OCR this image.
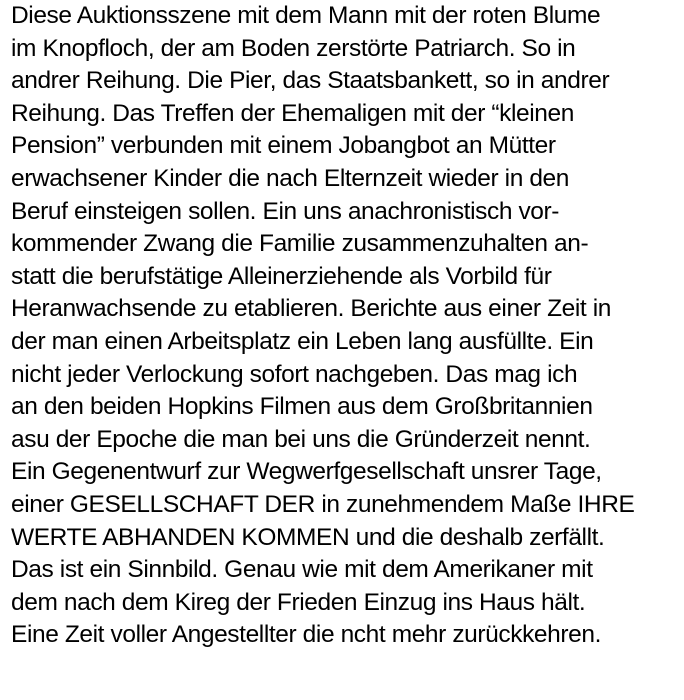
Diese Auktionsszene mit dem Mann mit der roten Blume
im Knopfloch, der am Boden zerstörte Patriarch. So in
andrer Reihung. Die Pier, das Staatsbankett, so in andrer
Reihung. Das Treffen der Ehemaligen mit der “kleinen
Pension” verbunden mit einem Jobangbot an Mütter
erwachsener Kinder die nach Elternzeit wieder in den
Beruf einsteigen sollen. Ein uns anachronistisch vor-
kommender Zwang die Familie zusammenzuhalten an-
statt die berufstätige Alleinerziehende als Vorbild für
Heranwachsende zu etablieren. Berichte aus einer Zeit in
der man einen Arbeitsplatz ein Leben lang ausfüllte. Ein
nicht jeder Verlockung sofort nachgeben. Das mag ich
an den beiden Hopkins Filmen aus dem Großbritannien
asu der Epoche die man bei uns die Gründerzeit nennt.
Ein Gegenentwurf zur Wegwerfgesellschaft unsrer Tage,
einer GESELLSCHAFT DER in zunehmendem Maße IHRE
WERTE ABHANDEN KOMMEN und die deshalb zerfällt.
Das ist ein Sinnbild. Genau wie mit dem Amerikaner mit
dem nach dem Kireg der Frieden Einzug ins Haus hält.
Eine Zeit voller Angestellter die ncht mehr zurückkehren.
